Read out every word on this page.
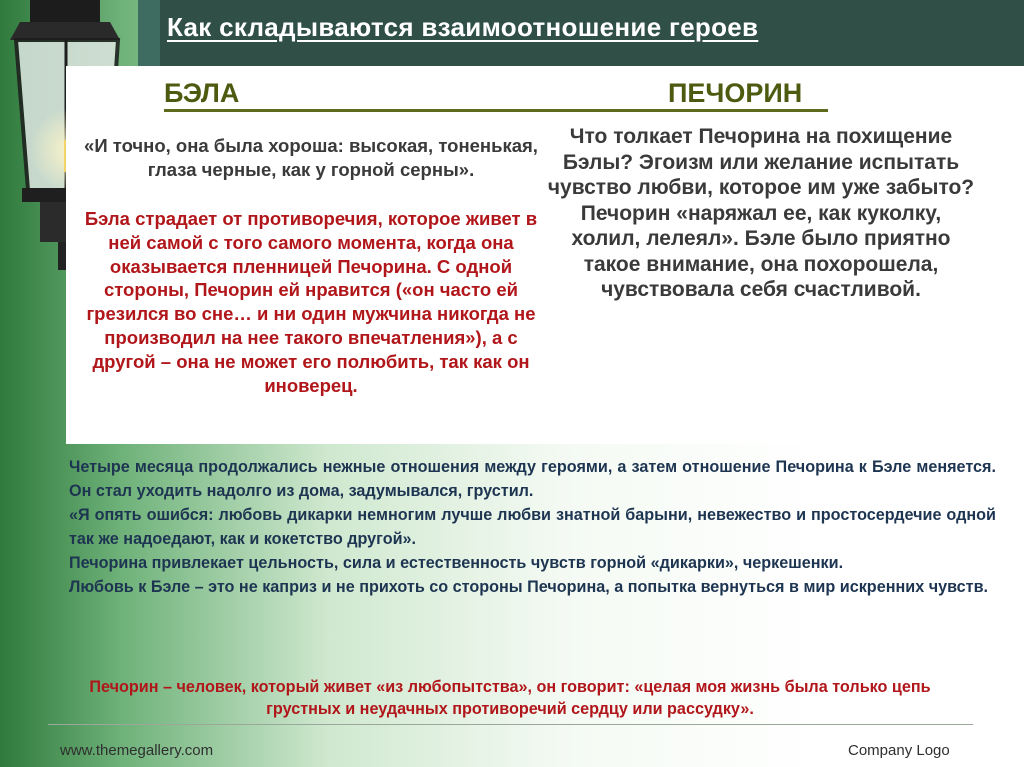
Как складываются взаимоотношение героев
БЭЛА	ПЕЧОРИН
«И точно, она была хороша: высокая, тоненькая, глаза черные, как у горной серны».
Бэла страдает от противоречия, которое живет в ней самой с того самого момента, когда она оказывается пленницей Печорина. С одной стороны, Печорин ей нравится («он часто ей грезился во сне… и ни один мужчина никогда не производил на нее такого впечатления»), а с другой – она не может его полюбить, так как он иноверец.
Что толкает Печорина на похищение Бэлы? Эгоизм или желание испытать чувство любви, которое им уже забыто? Печорин «наряжал ее, как куколку, холил, лелеял». Бэле было приятно такое внимание, она похорошела, чувствовала себя счастливой.

Четыре месяца продолжались нежные отношения между героями, а затем отношение Печорина к Бэле меняется. Он стал уходить надолго из дома, задумывался, грустил.

«Я опять ошибся: любовь дикарки немногим лучше любви знатной барыни, невежество и простосердечие одной так же надоедают, как и кокетство другой».

Печорина привлекает цельность, сила и естественность чувств горной «дикарки», черкешенки.

Любовь к Бэле – это не каприз и не прихоть со стороны Печорина, а попытка вернуться в мир искренних чувств.

Печорин – человек, который живет «из любопытства», он говорит: «целая моя жизнь была только цепь грустных и неудачных противоречий сердцу или рассудку».
www.themegallery.com	Company Logo
